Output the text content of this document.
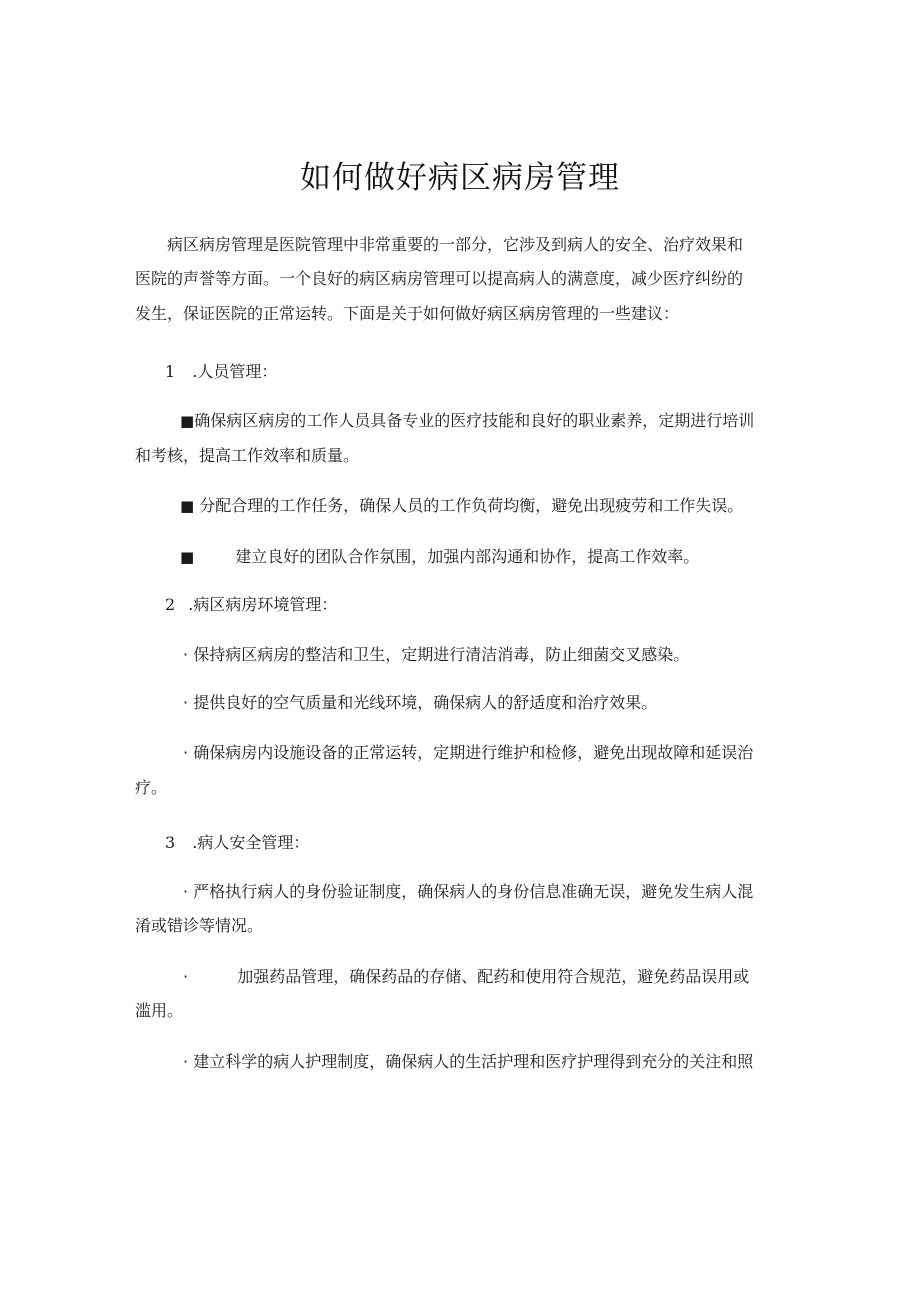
如何做好病区病房管理
病区病房管理是医院管理中非常重要的一部分，它涉及到病人的安全、治疗效果和
医院的声誉等方面。一个良好的病区病房管理可以提高病人的满意度，减少医疗纠纷的
发生，保证医院的正常运转。下面是关于如何做好病区病房管理的一些建议：
1 .人员管理：
■确保病区病房的工作人员具备专业的医疗技能和良好的职业素养，定期进行培训
和考核，提高工作效率和质量。
■ 分配合理的工作任务，确保人员的工作负荷均衡，避免出现疲劳和工作失误。
■	建立良好的团队合作氛围，加强内部沟通和协作，提高工作效率。
2 .病区病房环境管理：
· 保持病区病房的整洁和卫生，定期进行清洁消毒，防止细菌交叉感染。
· 提供良好的空气质量和光线环境，确保病人的舒适度和治疗效果。
· 确保病房内设施设备的正常运转，定期进行维护和检修，避免出现故障和延误治
疗。
3 .病人安全管理：
· 严格执行病人的身份验证制度，确保病人的身份信息准确无误，避免发生病人混
淆或错诊等情况。
·	加强药品管理，确保药品的存储、配药和使用符合规范，避免药品误用或
滥用。
· 建立科学的病人护理制度，确保病人的生活护理和医疗护理得到充分的关注和照
